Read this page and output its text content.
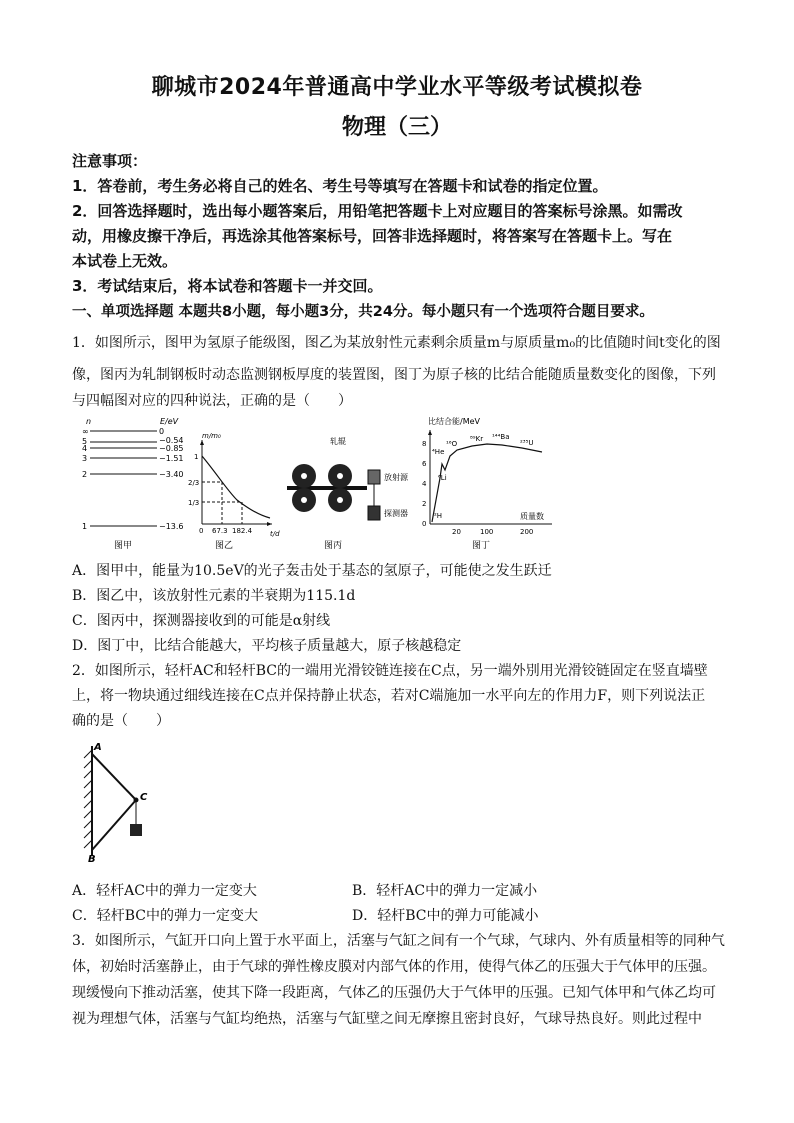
聊城市2024年普通高中学业水平等级考试模拟卷
物理（三）
注意事项：
1．答卷前，考生务必将自己的姓名、考生号等填写在答题卡和试卷的指定位置。
2．回答选择题时，选出每小题答案后，用铅笔把答题卡上对应题目的答案标号涂黑。如需改
动，用橡皮擦干净后，再选涂其他答案标号，回答非选择题时，将答案写在答题卡上。写在
本试卷上无效。
3．考试结束后，将本试卷和答题卡一并交回。
一、单项选择题 本题共8小题，每小题3分，共24分。每小题只有一个选项符合题目要求。
1．如图所示，图甲为氢原子能级图，图乙为某放射性元素剩余质量m与原质量m₀的比值随时间t变化的图
像，图丙为轧制钢板时动态监测钢板厚度的装置图，图丁为原子核的比结合能随质量数变化的图像，下列
与四幅图对应的四种说法，正确的是（　　）
n	E/eV
∞
5
4
3
2
1
0
−0.54
−0.85
−1.51
−3.40
−13.6
图甲
m/m₀
t/d
1
2/3
1/3
0 67.3 182.4
图乙
轧辊
放射源
探测器
图丙
比结合能/MeV
质量数
8
6
4
2
0
20	100	200
⁴He
¹⁶O
⁸⁹Kr ¹⁴⁴Ba
²³⁵U
⁶Li
²H
图丁
A．图甲中，能量为10.5eV的光子轰击处于基态的氢原子，可能使之发生跃迁
B．图乙中，该放射性元素的半衰期为115.1d
C．图丙中，探测器接收到的可能是α射线
D．图丁中，比结合能越大，平均核子质量越大，原子核越稳定
2．如图所示，轻杆AC和轻杆BC的一端用光滑铰链连接在C点，另一端外別用光滑铰链固定在竖直墙壁
上，将一物块通过细线连接在C点并保持静止状态，若对C端施加一水平向左的作用力F，则下列说法正
确的是（　　）
A
C
B
A．轻杆AC中的弹力一定变大	B．轻杆AC中的弹力一定减小
C．轻杆BC中的弹力一定变大	D．轻杆BC中的弹力可能减小
3．如图所示，气缸开口向上置于水平面上，活塞与气缸之间有一个气球，气球内、外有质量相等的同种气
体，初始时活塞静止，由于气球的弹性橡皮膜对内部气体的作用，使得气体乙的压强大于气体甲的压强。
现缓慢向下推动活塞，使其下降一段距离，气体乙的压强仍大于气体甲的压强。已知气体甲和气体乙均可
视为理想气体，活塞与气缸均绝热，活塞与气缸壁之间无摩擦且密封良好，气球导热良好。则此过程中
